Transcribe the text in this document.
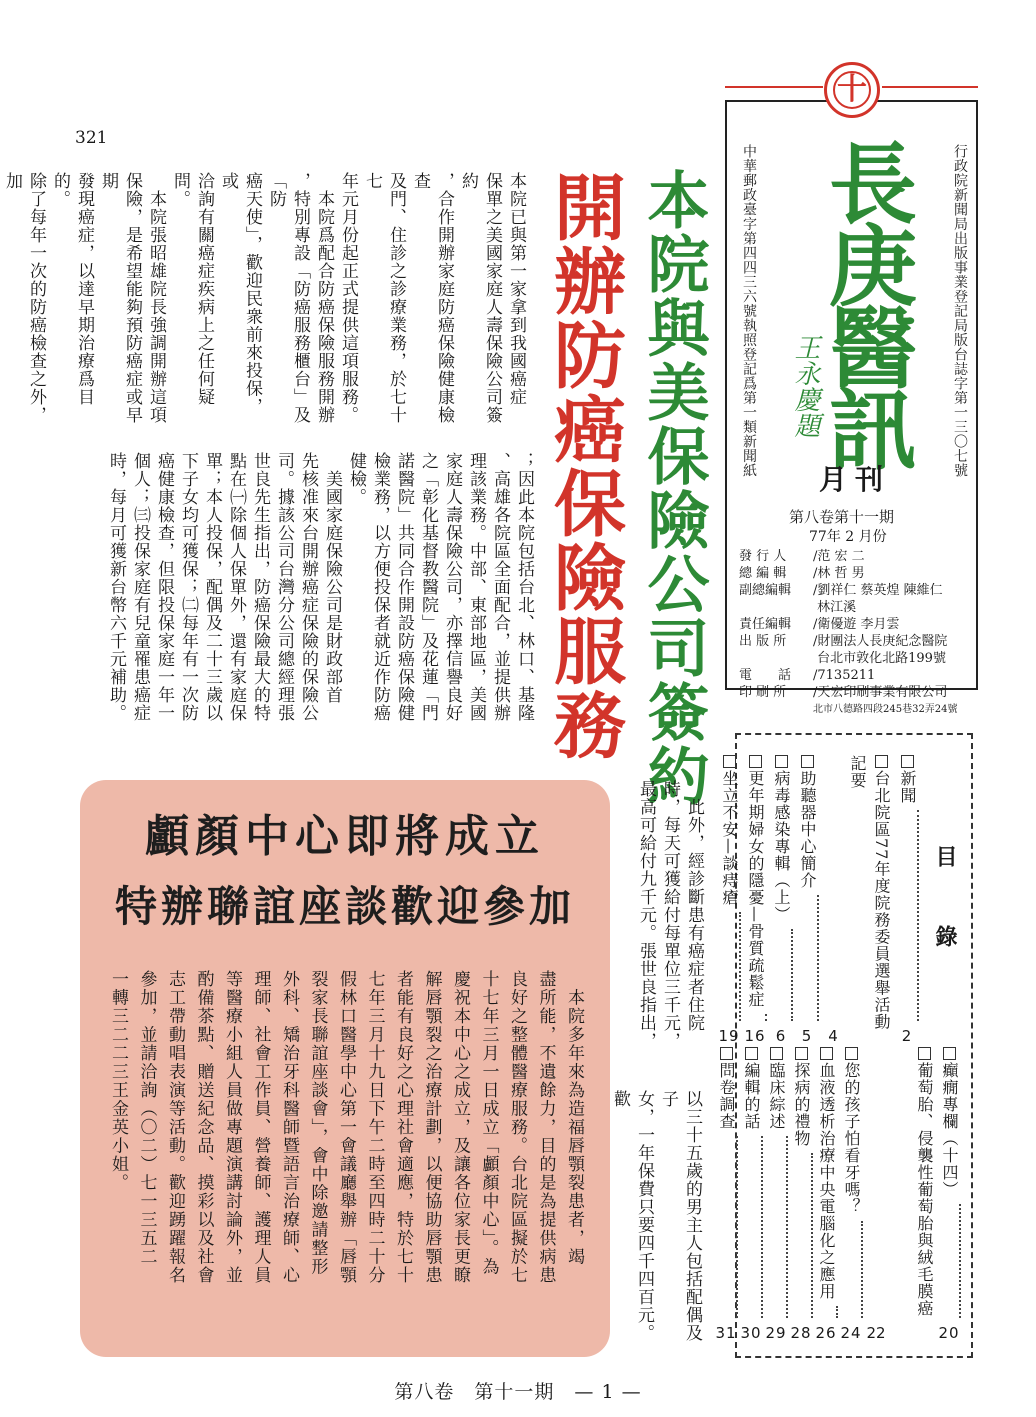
321
十
行政院新聞局出版事業登記局版台誌字第一三〇七號
中華郵政臺字第四四三六號執照登記爲第一類新聞紙 長庚醫訊
王永慶題
月刊
第八卷第十一期
77年 2 月份
發 行 人 /范 宏 二
總 編 輯 /林 哲 男
副總編輯 /劉祥仁 蔡英煌 陳維仁
林江溪
責任編輯 /衛優遊 李月雲
出 版 所 /財團法人長庚紀念醫院
台北市敦化北路199號
電　　話 /7135211
印 刷 所 /天宏印刷事業有限公司
北市八德路四段245巷32弄24號
本院與美保險公司簽約
開辦防癌保險服務
本院已與第一家拿到我國癌症
保單之美國家庭人壽保險公司簽約
，合作開辦家庭防癌保險健康檢查
及門、住診之診療業務，於七十七
年元月份起正式提供這項服務。
　本院爲配合防癌保險服務開辦
，特別專設「防癌服務櫃台」及「防
癌天使」，歡迎民衆前來投保，或
洽詢有關癌症疾病上之任何疑問。
　本院張昭雄院長強調開辦這項
保險，是希望能夠預防癌症或早期
發現癌症，以達早期治療爲目的。
除了每年一次的防癌檢查之外，加

；因此本院包括台北、林口、基隆
、高雄各院區全面配合，並提供辦
理該業務。中部、東部地區，美國
家庭人壽保險公司，亦擇信譽良好
之「彰化基督教醫院」及花蓮「門
諾醫院」共同合作開設防癌保險健
檢業務，以方便投保者就近作防癌
健檢。
　美國家庭保險公司是財政部首
先核准來台開辦癌症保險的保險公
司。據該公司台灣分公司總經理張
世良先生指出，防癌保險最大的特
點在㈠除個人保單外，還有家庭保
單；本人投保，配偶及二十三歲以
下子女均可獲保；㈡每年有一次防
癌健康檢查，但限投保家庭一年一
個人；㈢投保家庭有兒童罹患癌症
時，每月可獲新台幣六千元補助。
　此外，經診斷患有癌症者住院
時，每天可獲給付每單位三千元，
最高可給付九千元。張世良指出，
以三十五歲的男主人包括配偶及子
女，一年保費只要四千四百元。歡

目　錄
新聞
2
台北院區77年度院務委員選舉活動記要
4
助聽器中心簡介
5
病毒感染專輯（上）
6
更年期婦女的隱憂—骨質疏鬆症
16
坐立不安—談痔瘡
19
癲癇專欄（十四）
20
葡萄胎、侵襲性葡萄胎與絨毛膜癌
22
您的孩子怕看牙嗎？
24
血液透析治療中央電腦化之應用
26
探病的禮物
28
臨床綜述
29
編輯的話
30
問卷調查
31
顱顏中心即將成立
特辦聯誼座談歡迎參加
　本院多年來為造福唇顎裂患者，竭
盡所能，不遺餘力，目的是為提供病患
良好之整體醫療服務。台北院區擬於七
十七年三月一日成立「顱顏中心」。為
慶祝本中心之成立，及讓各位家長更瞭
解唇顎裂之治療計劃，以便協助唇顎患
者能有良好之心理社會適應，特於七十
七年三月十九日下午二時至四時二十分
假林口醫學中心第一會議廳舉辦「唇顎
裂家長聯誼座談會」，會中除邀請整形
外科、矯治牙科醫師暨語言治療師、心
理師、社會工作員、營養師、護理人員
等醫療小組人員做專題演講討論外，並
酌備茶點、贈送紀念品、摸彩以及社會
志工帶動唱表演等活動。歡迎踴躍報名
參加，並請洽詢（〇二）七一三五二
一轉三二二三王金英小姐。
第八卷　第十一期　— 1 —
